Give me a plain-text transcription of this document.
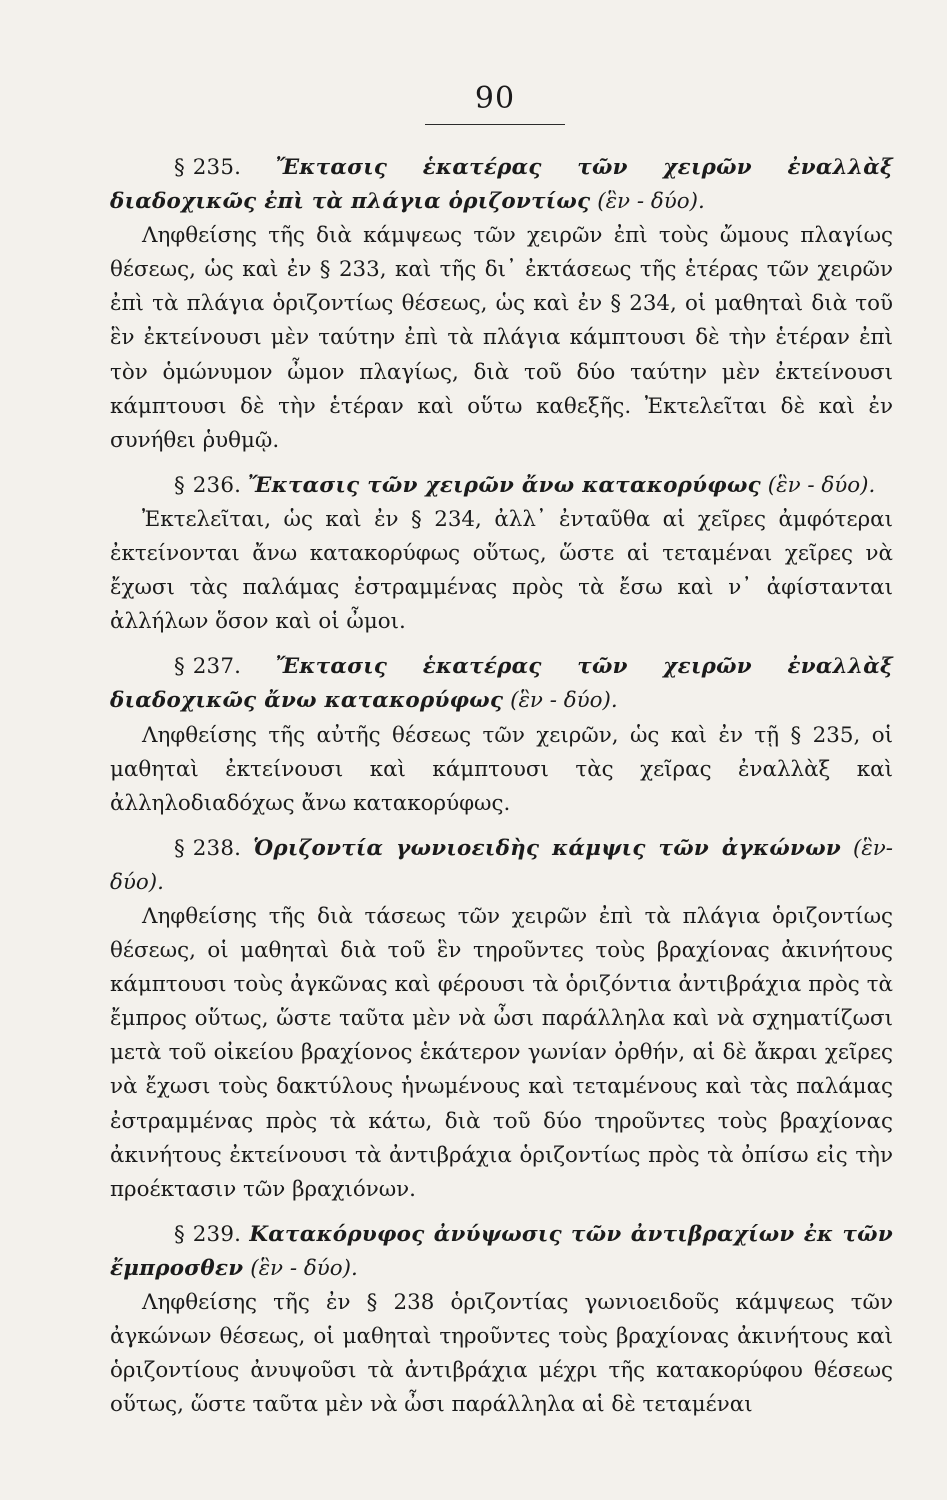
90

§ 235. Ἔκτασις ἑκατέρας τῶν χειρῶν ἐναλλὰξ διαδοχικῶς ἐπὶ τὰ πλάγια ὁριζοντίως (ἓν - δύο).

Ληφθείσης τῆς διὰ κάμψεως τῶν χειρῶν ἐπὶ τοὺς ὤμους πλαγίως θέσεως, ὡς καὶ ἐν § 233, καὶ τῆς δι᾽ ἐκτάσεως τῆς ἑτέρας τῶν χειρῶν ἐπὶ τὰ πλάγια ὁριζοντίως θέσεως, ὡς καὶ ἐν § 234, οἱ μαθηταὶ διὰ τοῦ ἓν ἐκτείνουσι μὲν ταύτην ἐπὶ τὰ πλάγια κάμπτουσι δὲ τὴν ἑτέραν ἐπὶ τὸν ὁμώνυμον ὦμον πλαγίως, διὰ τοῦ δύο ταύτην μὲν ἐκτείνουσι κάμπτουσι δὲ τὴν ἑτέραν καὶ οὕτω καθεξῆς. Ἐκτελεῖται δὲ καὶ ἐν συνήθει ῥυθμῷ.

§ 236. Ἔκτασις τῶν χειρῶν ἄνω κατακορύφως (ἓν - δύο).

Ἐκτελεῖται, ὡς καὶ ἐν § 234, ἀλλ᾽ ἐνταῦθα αἱ χεῖρες ἀμφότεραι ἐκτείνονται ἄνω κατακορύφως οὕτως, ὥστε αἱ τεταμέναι χεῖρες νὰ ἔχωσι τὰς παλάμας ἐστραμμένας πρὸς τὰ ἔσω καὶ ν᾽ ἀφίστανται ἀλλήλων ὅσον καὶ οἱ ὦμοι.

§ 237. Ἔκτασις ἑκατέρας τῶν χειρῶν ἐναλλὰξ διαδοχικῶς ἄνω κατακορύφως (ἓν - δύο).

Ληφθείσης τῆς αὐτῆς θέσεως τῶν χειρῶν, ὡς καὶ ἐν τῇ § 235, οἱ μαθηταὶ ἐκτείνουσι καὶ κάμπτουσι τὰς χεῖρας ἐναλλὰξ καὶ ἀλληλοδιαδόχως ἄνω κατακορύφως.

§ 238. Ὁριζοντία γωνιοειδὴς κάμψις τῶν ἀγκώνων (ἓν-δύο).

Ληφθείσης τῆς διὰ τάσεως τῶν χειρῶν ἐπὶ τὰ πλάγια ὁριζοντίως θέσεως, οἱ μαθηταὶ διὰ τοῦ ἓν τηροῦντες τοὺς βραχίονας ἀκινήτους κάμπτουσι τοὺς ἀγκῶνας καὶ φέρουσι τὰ ὁριζόντια ἀντιβράχια πρὸς τὰ ἔμπρος οὕτως, ὥστε ταῦτα μὲν νὰ ὦσι παράλληλα καὶ νὰ σχηματίζωσι μετὰ τοῦ οἰκείου βραχίονος ἑκάτερον γωνίαν ὀρθήν, αἱ δὲ ἄκραι χεῖρες νὰ ἔχωσι τοὺς δακτύλους ἡνωμένους καὶ τεταμένους καὶ τὰς παλάμας ἐστραμμένας πρὸς τὰ κάτω, διὰ τοῦ δύο τηροῦντες τοὺς βραχίονας ἀκινήτους ἐκτείνουσι τὰ ἀντιβράχια ὁριζοντίως πρὸς τὰ ὀπίσω εἰς τὴν προέκτασιν τῶν βραχιόνων.

§ 239. Κατακόρυφος ἀνύψωσις τῶν ἀντιβραχίων ἐκ τῶν ἔμπροσθεν (ἓν - δύο).

Ληφθείσης τῆς ἐν § 238 ὁριζοντίας γωνιοειδοῦς κάμψεως τῶν ἀγκώνων θέσεως, οἱ μαθηταὶ τηροῦντες τοὺς βραχίονας ἀκινήτους καὶ ὁριζοντίους ἀνυψοῦσι τὰ ἀντιβράχια μέχρι τῆς κατακορύφου θέσεως οὕτως, ὥστε ταῦτα μὲν νὰ ὦσι παράλληλα αἱ δὲ τεταμέναι
